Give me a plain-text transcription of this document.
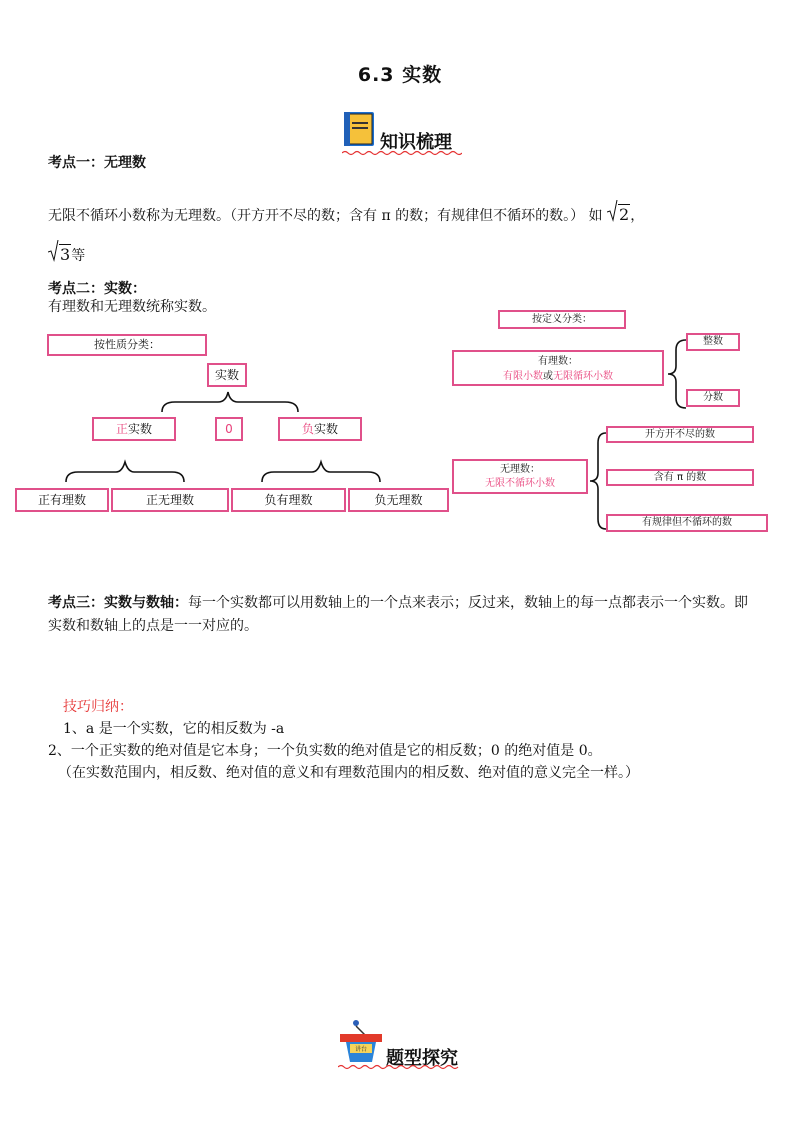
6.3 实数
知识梳理
考点一：无理数
无限不循环小数称为无理数。（开方开不尽的数；含有 π 的数；有规律但不循环的数。） 如 2，
3等
考点二：实数：
有理数和无理数统称实数。
按性质分类：
实数
正实数	0	负实数
正有理数	正无理数	负有理数	负无理数
按定义分类：
有理数：
有限小数或无限循环小数
整数
分数
无理数：
无限不循环小数
开方开不尽的数
含有 π 的数
有规律但不循环的数
考点三：实数与数轴：每一个实数都可以用数轴上的一个点来表示；反过来，数轴上的每一点都表示一个实数。即实数和数轴上的点是一一对应的。
技巧归纳：
1、a 是一个实数，它的相反数为 -a
2、一个正实数的绝对值是它本身；一个负实数的绝对值是它的相反数；0 的绝对值是 0。
（在实数范围内，相反数、绝对值的意义和有理数范围内的相反数、绝对值的意义完全一样。）
讲台 题型探究
